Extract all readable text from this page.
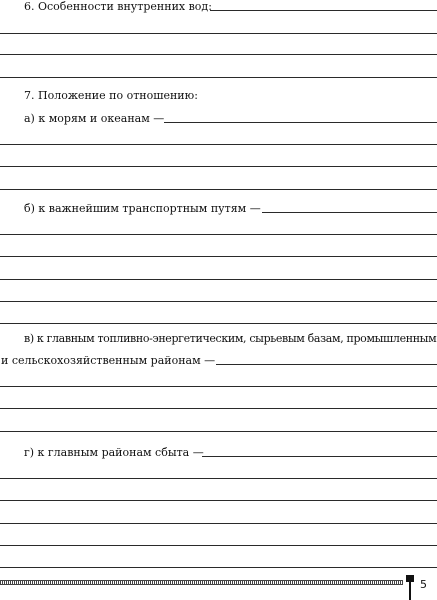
6. Особенности внутренних вод:
7. Положение по отношению:
а) к морям и океанам —
б) к важнейшим транспортным путям —
в) к главным топливно-энергетическим, сырьевым базам, промышленным
и сельскохозяйственным районам —
г) к главным районам сбыта —
5
